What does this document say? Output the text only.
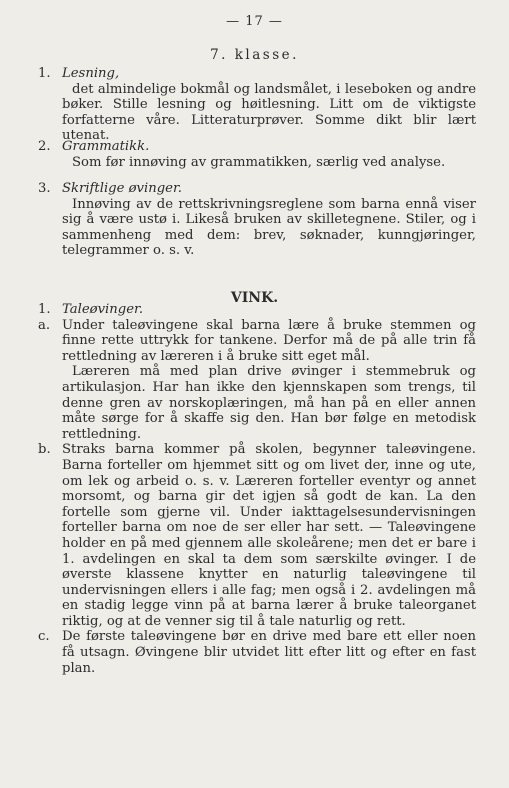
— 17 —
7. klasse.
1. Lesning,
det almindelige bokmål og landsmålet, i leseboken og andre bøker. Stille lesning og høitlesning. Litt om de viktigste forfatterne våre. Litteraturprøver. Somme dikt blir lært utenat.
2. Grammatikk.
Som før innøving av grammatikken, særlig ved analyse.
3. Skriftlige øvinger.
Innøving av de rettskrivningsreglene som barna ennå viser sig å være ustø i. Likeså bruken av skilletegnene. Stiler, og i sammenheng med dem: brev, søknader, kunngjøringer, telegrammer o. s. v.
VINK.
1. Taleøvinger.
a. Under taleøvingene skal barna lære å bruke stemmen og finne rette uttrykk for tankene. Derfor må de på alle trin få rettledning av læreren i å bruke sitt eget mål.

Læreren må med plan drive øvinger i stemmebruk og artikulasjon. Har han ikke den kjennskapen som trengs, til denne gren av norskoplæringen, må han på en eller annen måte sørge for å skaffe sig den. Han bør følge en metodisk rettledning.

b. Straks barna kommer på skolen, begynner taleøvingene. Barna forteller om hjemmet sitt og om livet der, inne og ute, om lek og arbeid o. s. v. Læreren forteller eventyr og annet morsomt, og barna gir det igjen så godt de kan. La den fortelle som gjerne vil. Under iakttagelsesundervisningen forteller barna om noe de ser eller har sett. — Taleøvingene holder en på med gjennem alle skoleårene; men det er bare i 1. avdelingen en skal ta dem som særskilte øvinger. I de øverste klassene knytter en naturlig taleøvingene til undervisningen ellers i alle fag; men også i 2. avdelingen må en stadig legge vinn på at barna lærer å bruke taleorganet riktig, og at de venner sig til å tale naturlig og rett.

c. De første taleøvingene bør en drive med bare ett eller noen få utsagn. Øvingene blir utvidet litt efter litt og efter en fast plan.
